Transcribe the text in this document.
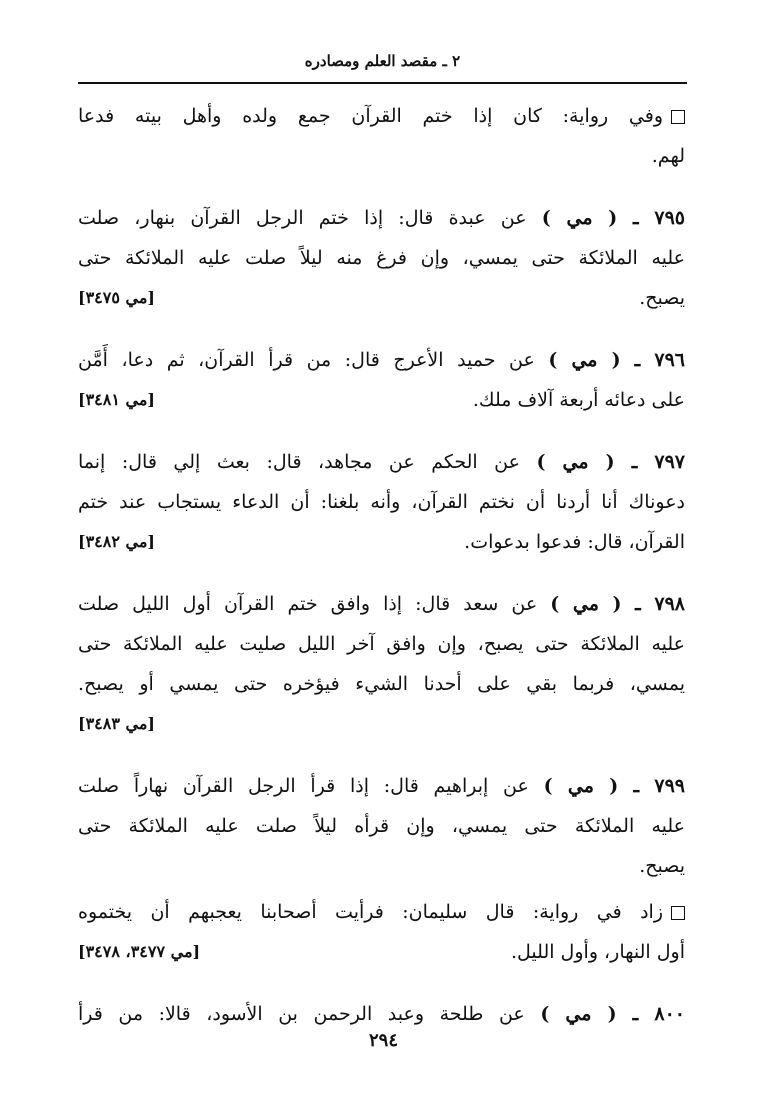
٢ ـ مقصد العلم ومصادره
وفي رواية: كان إذا ختم القرآن جمع ولده وأهل بيته فدعا
لهم.
٧٩٥ ـ ( مي ) عن عبدة قال: إذا ختم الرجل القرآن بنهار، صلت
عليه الملائكة حتى يمسي، وإن فرغ منه ليلاً صلت عليه الملائكة حتى
يصبح.
[مي ٣٤٧٥]
٧٩٦ ـ ( مي ) عن حميد الأعرج قال: من قرأ القرآن، ثم دعا، أَمَّن
على دعائه أربعة آلاف ملك.
[مي ٣٤٨١]
٧٩٧ ـ ( مي ) عن الحكم عن مجاهد، قال: بعث إلي قال: إنما
دعوناك أنا أردنا أن نختم القرآن، وأنه بلغنا: أن الدعاء يستجاب عند ختم
القرآن، قال: فدعوا بدعوات.
[مي ٣٤٨٢]
٧٩٨ ـ ( مي ) عن سعد قال: إذا وافق ختم القرآن أول الليل صلت
عليه الملائكة حتى يصبح، وإن وافق آخر الليل صليت عليه الملائكة حتى
يمسي، فربما بقي على أحدنا الشيء فيؤخره حتى يمسي أو يصبح.
[مي ٣٤٨٣]
٧٩٩ ـ ( مي ) عن إبراهيم قال: إذا قرأ الرجل القرآن نهاراً صلت
عليه الملائكة حتى يمسي، وإن قرأه ليلاً صلت عليه الملائكة حتى
يصبح.
زاد في رواية: قال سليمان: فرأيت أصحابنا يعجبهم أن يختموه
أول النهار، وأول الليل.
[مي ٣٤٧٧، ٣٤٧٨]
٨٠٠ ـ ( مي ) عن طلحة وعبد الرحمن بن الأسود، قالا: من قرأ
٢٩٤
